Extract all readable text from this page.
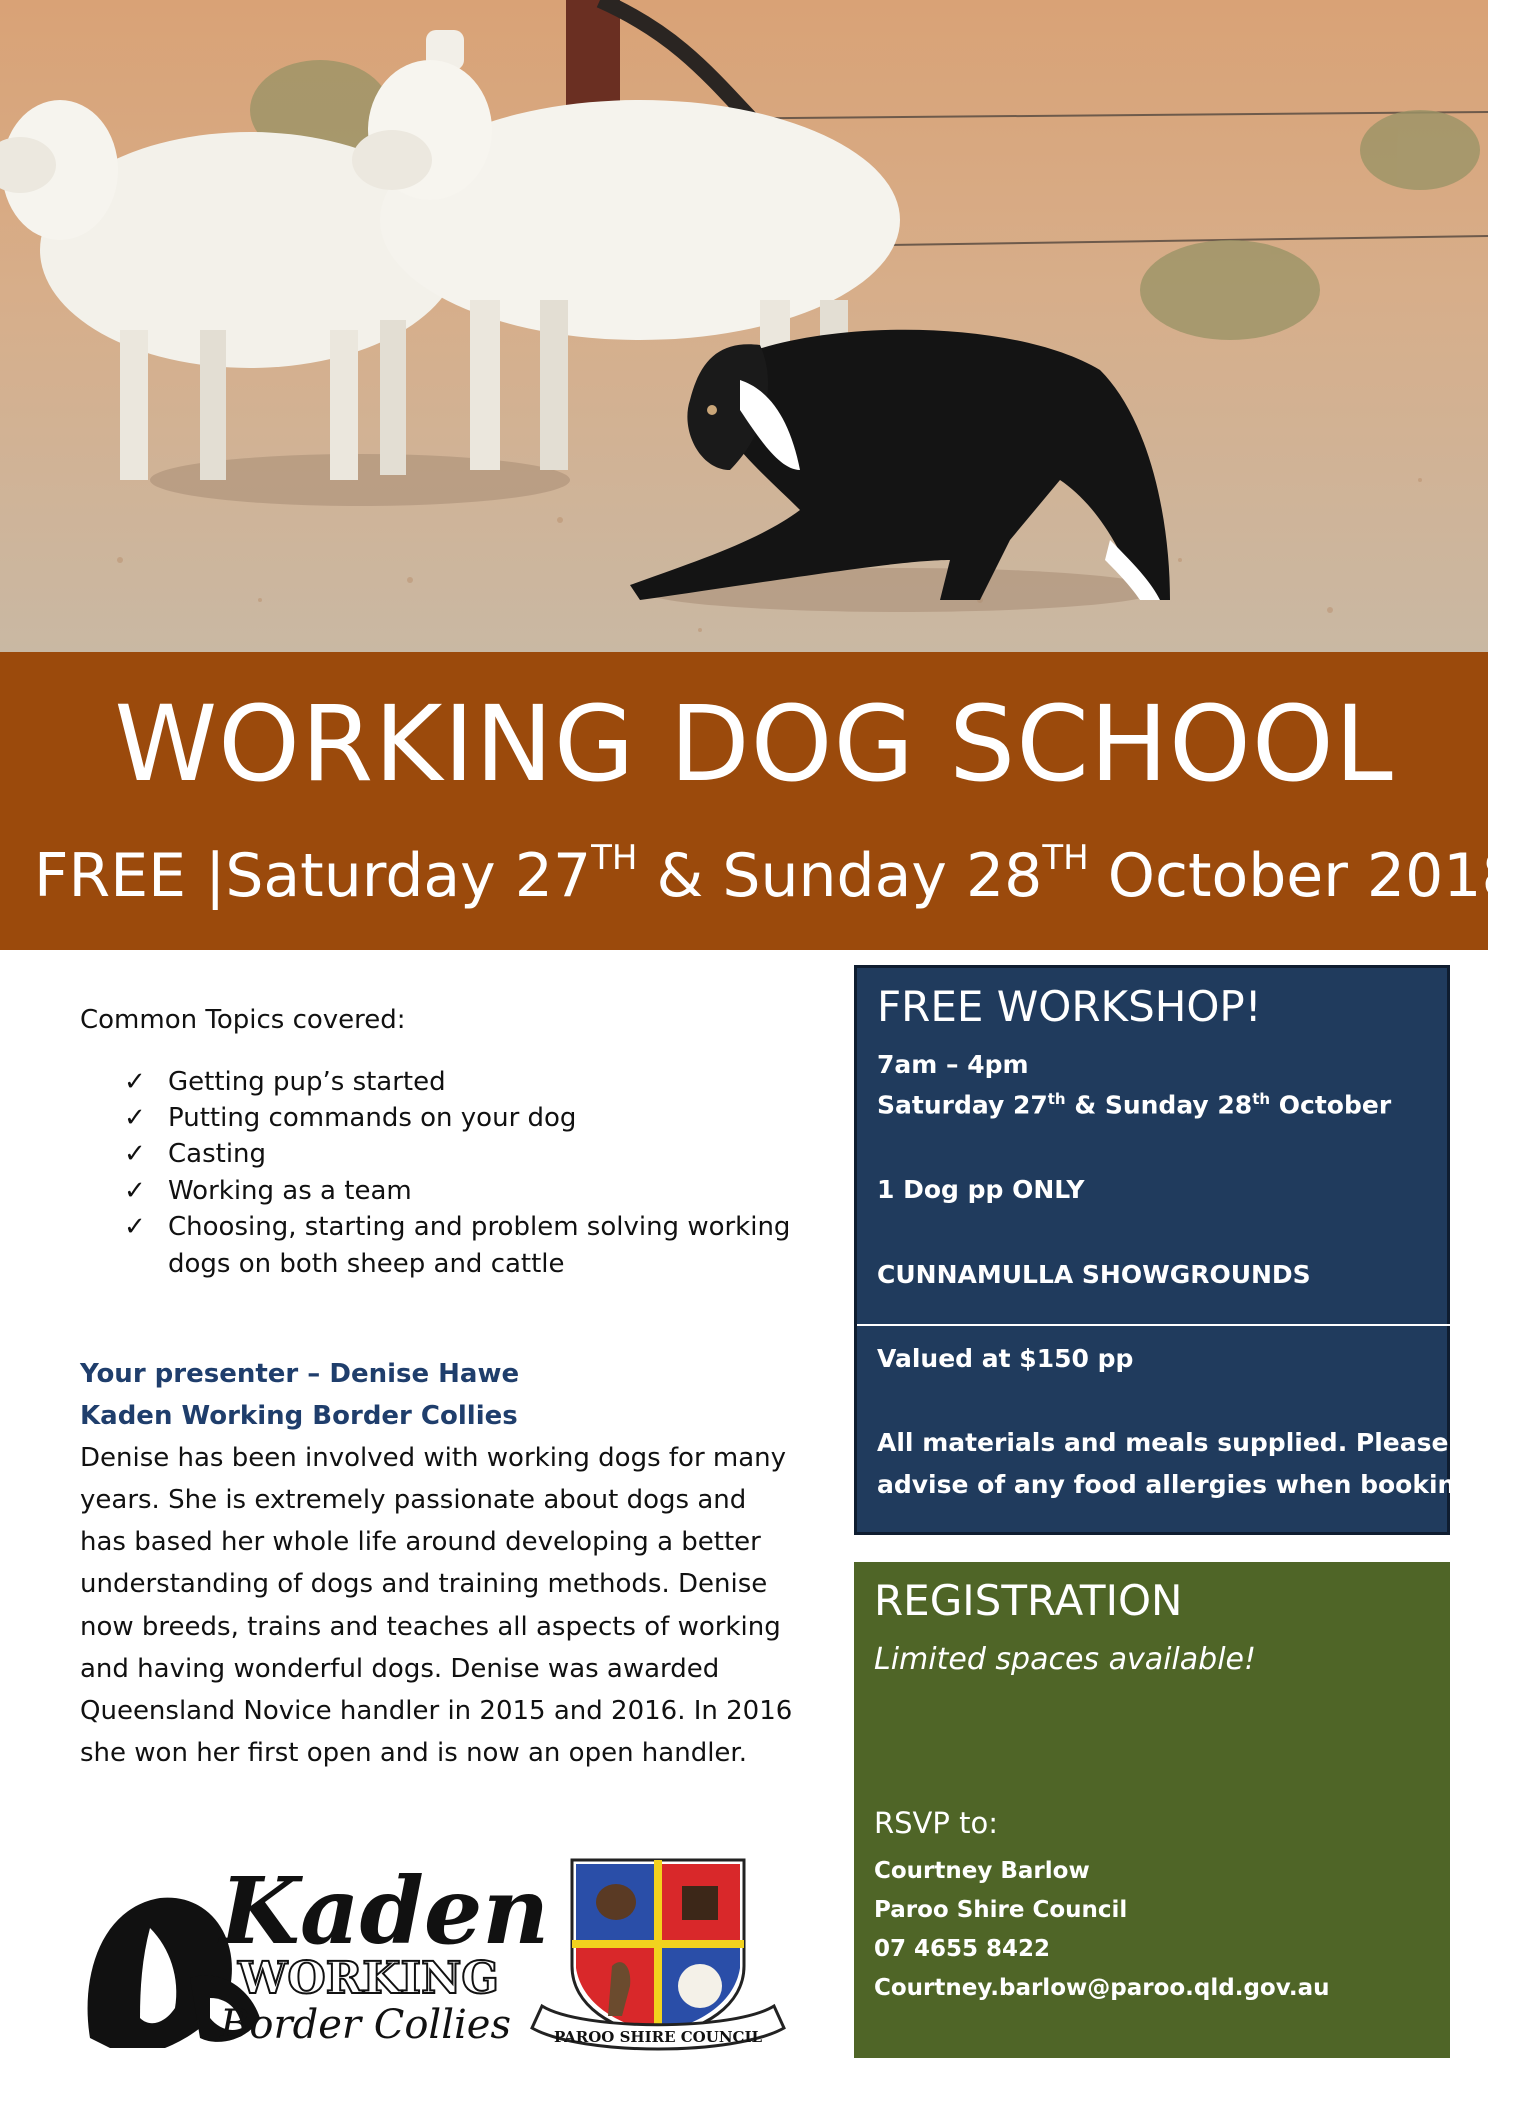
WORKING DOG SCHOOL
FREE |Saturday 27TH & Sunday 28TH October 2018
Common Topics covered:
✓ Getting pup’s started
✓ Putting commands on your dog
✓ Casting
✓ Working as a team
✓ Choosing, starting and problem solving working dogs on both sheep and cattle
Your presenter – Denise Hawe
Kaden Working Border Collies

Denise has been involved with working dogs for many years. She is extremely passionate about dogs and has based her whole life around developing a better understanding of dogs and training methods. Denise now breeds, trains and teaches all aspects of working and having wonderful dogs. Denise was awarded Queensland Novice handler in 2015 and 2016. In 2016 she won her first open and is now an open handler.

FREE WORKSHOP!
7am – 4pm
Saturday 27th & Sunday 28th October
1 Dog pp ONLY
CUNNAMULLA SHOWGROUNDS
Valued at $150 pp
All materials and meals supplied. Please
advise of any food allergies when booking.
REGISTRATION
Limited spaces available!
RSVP to:
Courtney Barlow
Paroo Shire Council
07 4655 8422
Courtney.barlow@paroo.qld.gov.au
Kaden
WORKING
Border Collies	PAROO SHIRE COUNCIL
